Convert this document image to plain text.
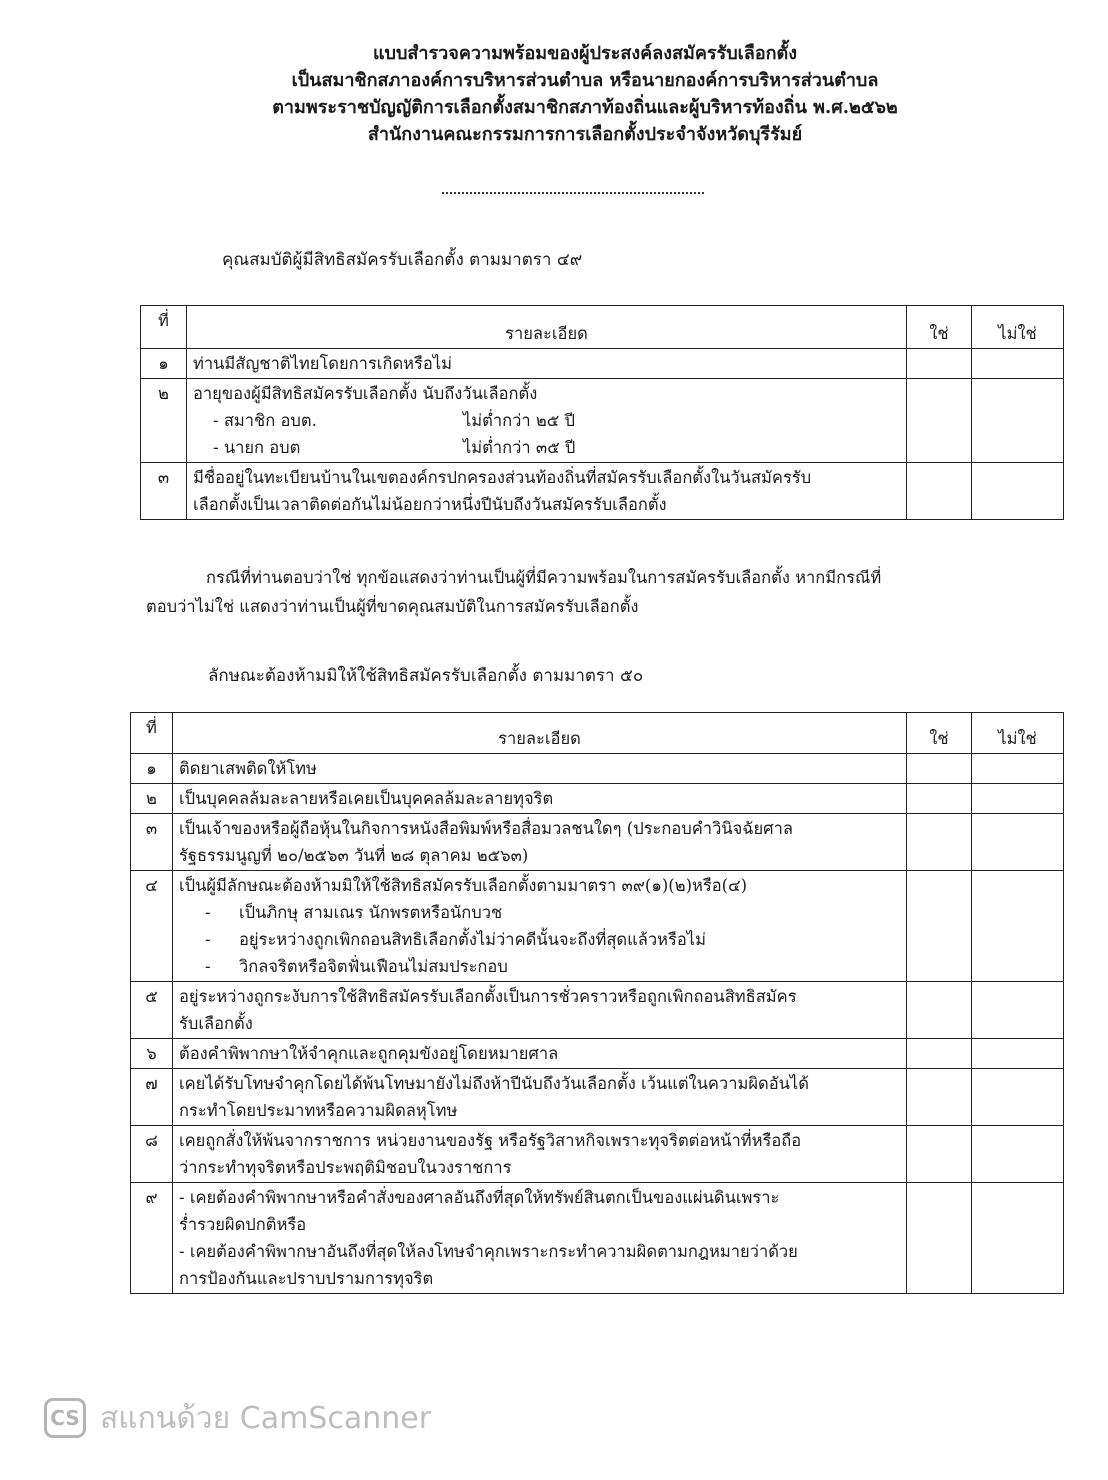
แบบสำรวจความพร้อมของผู้ประสงค์ลงสมัครรับเลือกตั้ง
เป็นสมาชิกสภาองค์การบริหารส่วนตำบล หรือนายกองค์การบริหารส่วนตำบล
ตามพระราชบัญญัติการเลือกตั้งสมาชิกสภาท้องถิ่นและผู้บริหารท้องถิ่น พ.ศ.๒๕๖๒
สำนักงานคณะกรรมการการเลือกตั้งประจำจังหวัดบุรีรัมย์
คุณสมบัติผู้มีสิทธิสมัครรับเลือกตั้ง ตามมาตรา ๔๙
ที่	รายละเอียด	ใช่	ไม่ใช่
๑	ท่านมีสัญชาติไทยโดยการเกิดหรือไม่		

๒	อายุของผู้มีสิทธิสมัครรับเลือกตั้ง นับถึงวันเลือกตั้ง
- สมาชิก อบต. ไม่ต่ำกว่า ๒๕ ปี
- นายก อบต ไม่ต่ำกว่า ๓๕ ปี		

๓	มีชื่ออยู่ในทะเบียนบ้านในเขตองค์กรปกครองส่วนท้องถิ่นที่สมัครรับเลือกตั้งในวันสมัครรับ
เลือกตั้งเป็นเวลาติดต่อกันไม่น้อยกว่าหนึ่งปีนับถึงวันสมัครรับเลือกตั้ง		

กรณีที่ท่านตอบว่าใช่ ทุกข้อแสดงว่าท่านเป็นผู้ที่มีความพร้อมในการสมัครรับเลือกตั้ง หากมีกรณีที่
ตอบว่าไม่ใช่ แสดงว่าท่านเป็นผู้ที่ขาดคุณสมบัติในการสมัครรับเลือกตั้ง
ลักษณะต้องห้ามมิให้ใช้สิทธิสมัครรับเลือกตั้ง ตามมาตรา ๕๐
ที่	รายละเอียด	ใช่	ไม่ใช่
๑	ติดยาเสพติดให้โทษ		

๒	เป็นบุคคลล้มละลายหรือเคยเป็นบุคคลล้มละลายทุจริต		

๓	เป็นเจ้าของหรือผู้ถือหุ้นในกิจการหนังสือพิมพ์หรือสื่อมวลชนใดๆ (ประกอบคำวินิจฉัยศาล
รัฐธรรมนูญที่ ๒๐/๒๕๖๓ วันที่ ๒๘ ตุลาคม ๒๕๖๓)		

๔	เป็นผู้มีลักษณะต้องห้ามมิให้ใช้สิทธิสมัครรับเลือกตั้งตามมาตรา ๓๙(๑)(๒)หรือ(๔)
- เป็นภิกษุ สามเณร นักพรตหรือนักบวช
- อยู่ระหว่างถูกเพิกถอนสิทธิเลือกตั้งไม่ว่าคดีนั้นจะถึงที่สุดแล้วหรือไม่
- วิกลจริตหรือจิตฟั่นเฟือนไม่สมประกอบ		

๕	อยู่ระหว่างถูกระงับการใช้สิทธิสมัครรับเลือกตั้งเป็นการชั่วคราวหรือถูกเพิกถอนสิทธิสมัคร
รับเลือกตั้ง		

๖	ต้องคำพิพากษาให้จำคุกและถูกคุมขังอยู่โดยหมายศาล		

๗	เคยได้รับโทษจำคุกโดยได้พ้นโทษมายังไม่ถึงห้าปีนับถึงวันเลือกตั้ง เว้นแต่ในความผิดอันได้
กระทำโดยประมาทหรือความผิดลหุโทษ		

๘	เคยถูกสั่งให้พ้นจากราชการ หน่วยงานของรัฐ หรือรัฐวิสาหกิจเพราะทุจริตต่อหน้าที่หรือถือ
ว่ากระทำทุจริตหรือประพฤติมิชอบในวงราชการ		

๙	- เคยต้องคำพิพากษาหรือคำสั่งของศาลอันถึงที่สุดให้ทรัพย์สินตกเป็นของแผ่นดินเพราะ
ร่ำรวยผิดปกติหรือ
- เคยต้องคำพิพากษาอันถึงที่สุดให้ลงโทษจำคุกเพราะกระทำความผิดตามกฎหมายว่าด้วย
การป้องกันและปราบปรามการทุจริต		

CS สแกนด้วย CamScanner
